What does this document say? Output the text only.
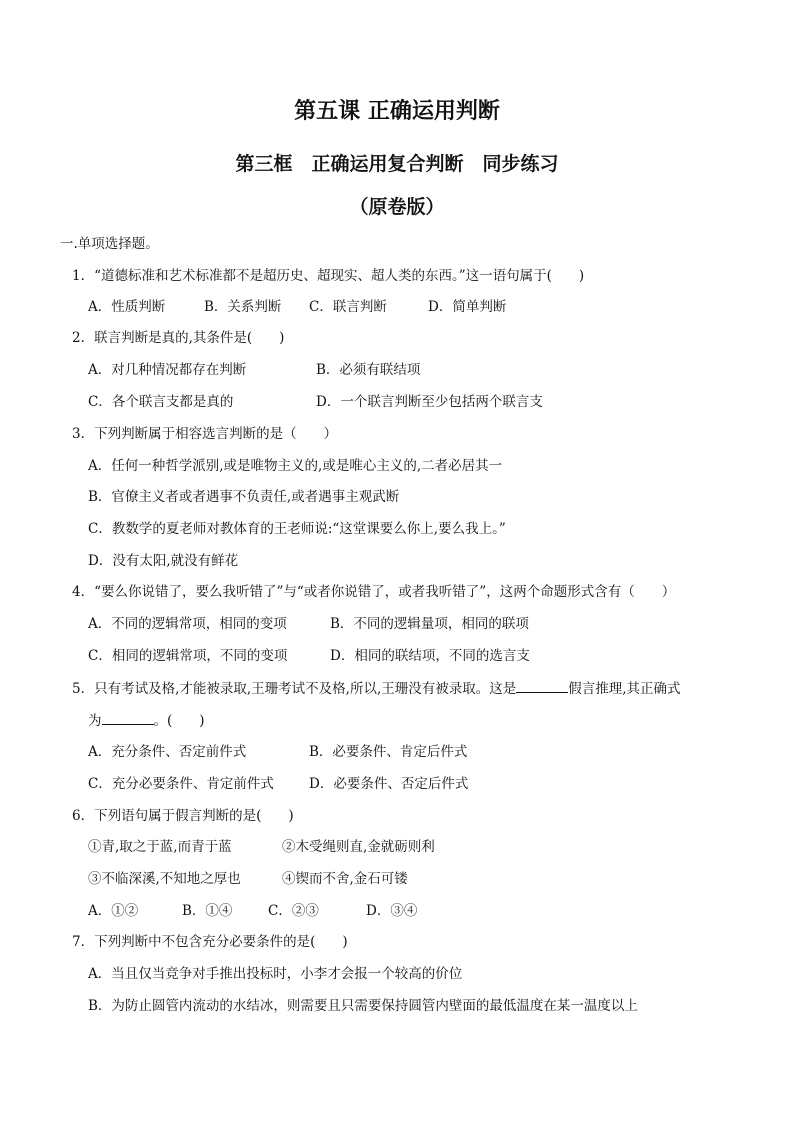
第五课 正确运用判断
第三框　正确运用复合判断　同步练习
（原卷版）
一.单项选择题。
1．“道德标准和艺术标准都不是超历史、超现实、超人类的东西。”这一语句属于(　　)
A．性质判断	B．关系判断 C．联言判断	D．简单判断
2．联言判断是真的,其条件是(　　)
A．对几种情况都存在判断	B．必须有联结项
C．各个联言支都是真的	D．一个联言判断至少包括两个联言支
3．下列判断属于相容选言判断的是（　　）
A．任何一种哲学派别,或是唯物主义的,或是唯心主义的,二者必居其一
B．官僚主义者或者遇事不负责任,或者遇事主观武断
C．教数学的夏老师对教体育的王老师说:“这堂课要么你上,要么我上。”
D．没有太阳,就没有鲜花
4．“要么你说错了，要么我听错了”与“或者你说错了，或者我听错了”，这两个命题形式含有（　　）
A．不同的逻辑常项，相同的变项	B．不同的逻辑量项，相同的联项
C．相同的逻辑常项，不同的变项	D．相同的联结项，不同的选言支
5．只有考试及格,才能被录取,王珊考试不及格,所以,王珊没有被录取。这是	假言推理,其正确式
为	。(　　)
A．充分条件、否定前件式	B．必要条件、肯定后件式
C．充分必要条件、肯定前件式	D．必要条件、否定后件式
6．下列语句属于假言判断的是(　　)
①青,取之于蓝,而青于蓝	②木受绳则直,金就砺则利
③不临深溪,不知地之厚也	④锲而不舍,金石可镂
A．①②	B．①④	C．②③	D．③④
7．下列判断中不包含充分必要条件的是(　　)
A．当且仅当竞争对手推出投标时，小李才会报一个较高的价位
B．为防止圆管内流动的水结冰，则需要且只需要保持圆管内壁面的最低温度在某一温度以上
